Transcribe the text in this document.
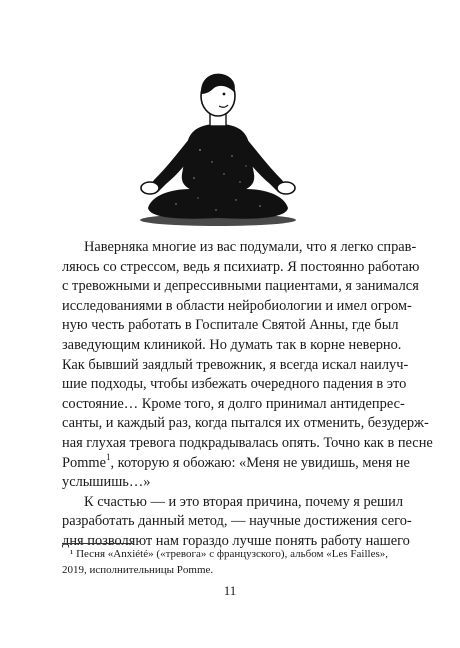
Наверняка многие из вас подумали, что я легко справ-
ляюсь со стрессом, ведь я психиатр. Я постоянно работаю
с тревожными и депрессивными пациентами, я занимался
исследованиями в области нейробиологии и имел огром-
ную честь работать в Госпитале Святой Анны, где был
заведующим клиникой. Но думать так в корне неверно.
Как бывший заядлый тревожник, я всегда искал наилуч-
шие подходы, чтобы избежать очередного падения в это
состояние… Кроме того, я долго принимал антидепрес-
санты, и каждый раз, когда пытался их отменить, безудерж-
ная глухая тревога подкрадывалась опять. Точно как в песне
Pomme$^1$, которую я обожаю: «Меня не увидишь, меня не
услышишь…»
К счастью — и это вторая причина, почему я решил
разработать данный метод, — научные достижения сего-
дня позволяют нам гораздо лучше понять работу нашего
¹ Песня «Anxiété» («тревога» с французского), альбом «Les Failles»,
2019, исполнительницы Pomme.
11
